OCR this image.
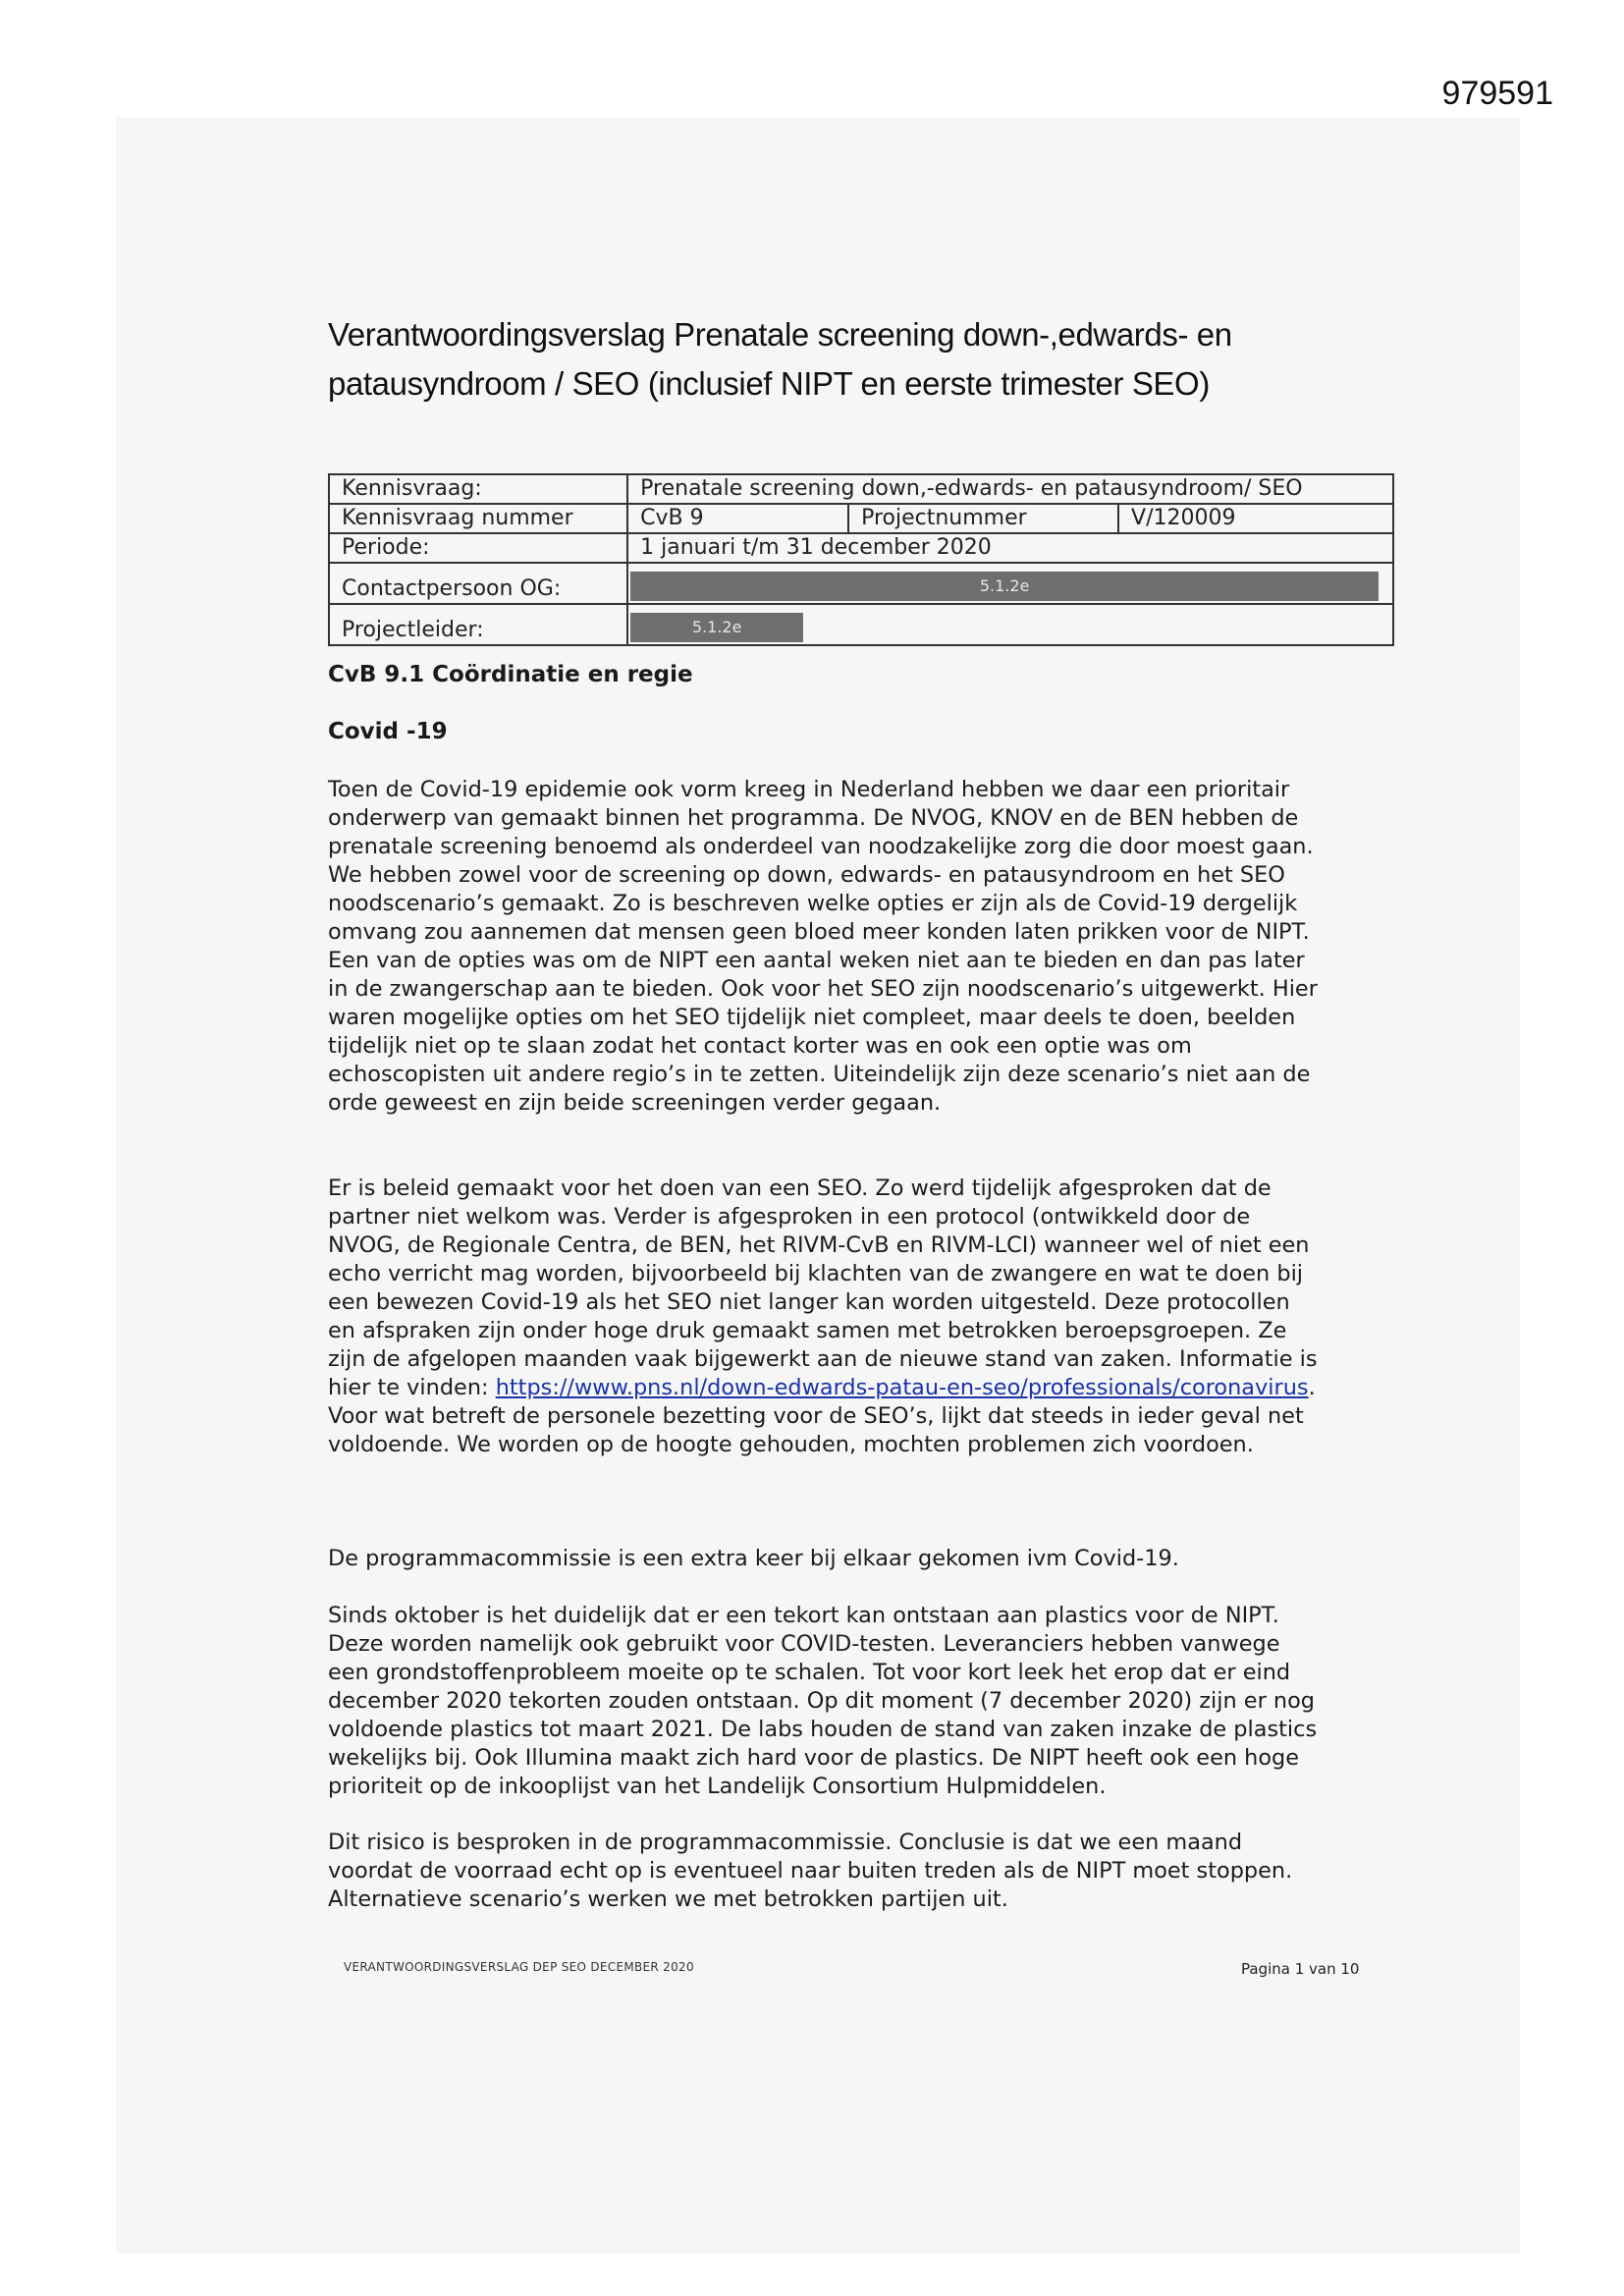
979591
Verantwoordingsverslag Prenatale screening down-,edwards- en
patausyndroom / SEO (inclusief NIPT en eerste trimester SEO)
Kennisvraag:	Prenatale screening down,-edwards- en patausyndroom/ SEO		
Kennisvraag nummer	CvB 9	Projectnummer	V/120009
Periode:	1 januari t/m 31 december 2020		
Contactpersoon OG:	5.1.2e		
Projectleider:	5.1.2e		
CvB 9.1 Coördinatie en regie
Covid -19

Toen de Covid-19 epidemie ook vorm kreeg in Nederland hebben we daar een prioritair onderwerp van gemaakt binnen het programma. De NVOG, KNOV en de BEN hebben de prenatale screening benoemd als onderdeel van noodzakelijke zorg die door moest gaan. We hebben zowel voor de screening op down, edwards- en patausyndroom en het SEO noodscenario’s gemaakt. Zo is beschreven welke opties er zijn als de Covid-19 dergelijk omvang zou aannemen dat mensen geen bloed meer konden laten prikken voor de NIPT. Een van de opties was om de NIPT een aantal weken niet aan te bieden en dan pas later in de zwangerschap aan te bieden. Ook voor het SEO zijn noodscenario’s uitgewerkt. Hier waren mogelijke opties om het SEO tijdelijk niet compleet, maar deels te doen, beelden tijdelijk niet op te slaan zodat het contact korter was en ook een optie was om echoscopisten uit andere regio’s in te zetten. Uiteindelijk zijn deze scenario’s niet aan de orde geweest en zijn beide screeningen verder gegaan.

Er is beleid gemaakt voor het doen van een SEO. Zo werd tijdelijk afgesproken dat de partner niet welkom was. Verder is afgesproken in een protocol (ontwikkeld door de NVOG, de Regionale Centra, de BEN, het RIVM-CvB en RIVM-LCI) wanneer wel of niet een echo verricht mag worden, bijvoorbeeld bij klachten van de zwangere en wat te doen bij een bewezen Covid-19 als het SEO niet langer kan worden uitgesteld. Deze protocollen en afspraken zijn onder hoge druk gemaakt samen met betrokken beroepsgroepen. Ze zijn de afgelopen maanden vaak bijgewerkt aan de nieuwe stand van zaken. Informatie is hier te vinden: https://www.pns.nl/down-edwards-patau-en-seo/professionals/coronavirus. Voor wat betreft de personele bezetting voor de SEO’s, lijkt dat steeds in ieder geval net voldoende. We worden op de hoogte gehouden, mochten problemen zich voordoen.

De programmacommissie is een extra keer bij elkaar gekomen ivm Covid-19.

Sinds oktober is het duidelijk dat er een tekort kan ontstaan aan plastics voor de NIPT. Deze worden namelijk ook gebruikt voor COVID-testen. Leveranciers hebben vanwege een grondstoffenprobleem moeite op te schalen. Tot voor kort leek het erop dat er eind december 2020 tekorten zouden ontstaan. Op dit moment (7 december 2020) zijn er nog voldoende plastics tot maart 2021. De labs houden de stand van zaken inzake de plastics wekelijks bij. Ook Illumina maakt zich hard voor de plastics. De NIPT heeft ook een hoge prioriteit op de inkooplijst van het Landelijk Consortium Hulpmiddelen.

Dit risico is besproken in de programmacommissie. Conclusie is dat we een maand voordat de voorraad echt op is eventueel naar buiten treden als de NIPT moet stoppen. Alternatieve scenario’s werken we met betrokken partijen uit.

VERANTWOORDINGSVERSLAG DEP SEO DECEMBER 2020	Pagina 1 van 10
